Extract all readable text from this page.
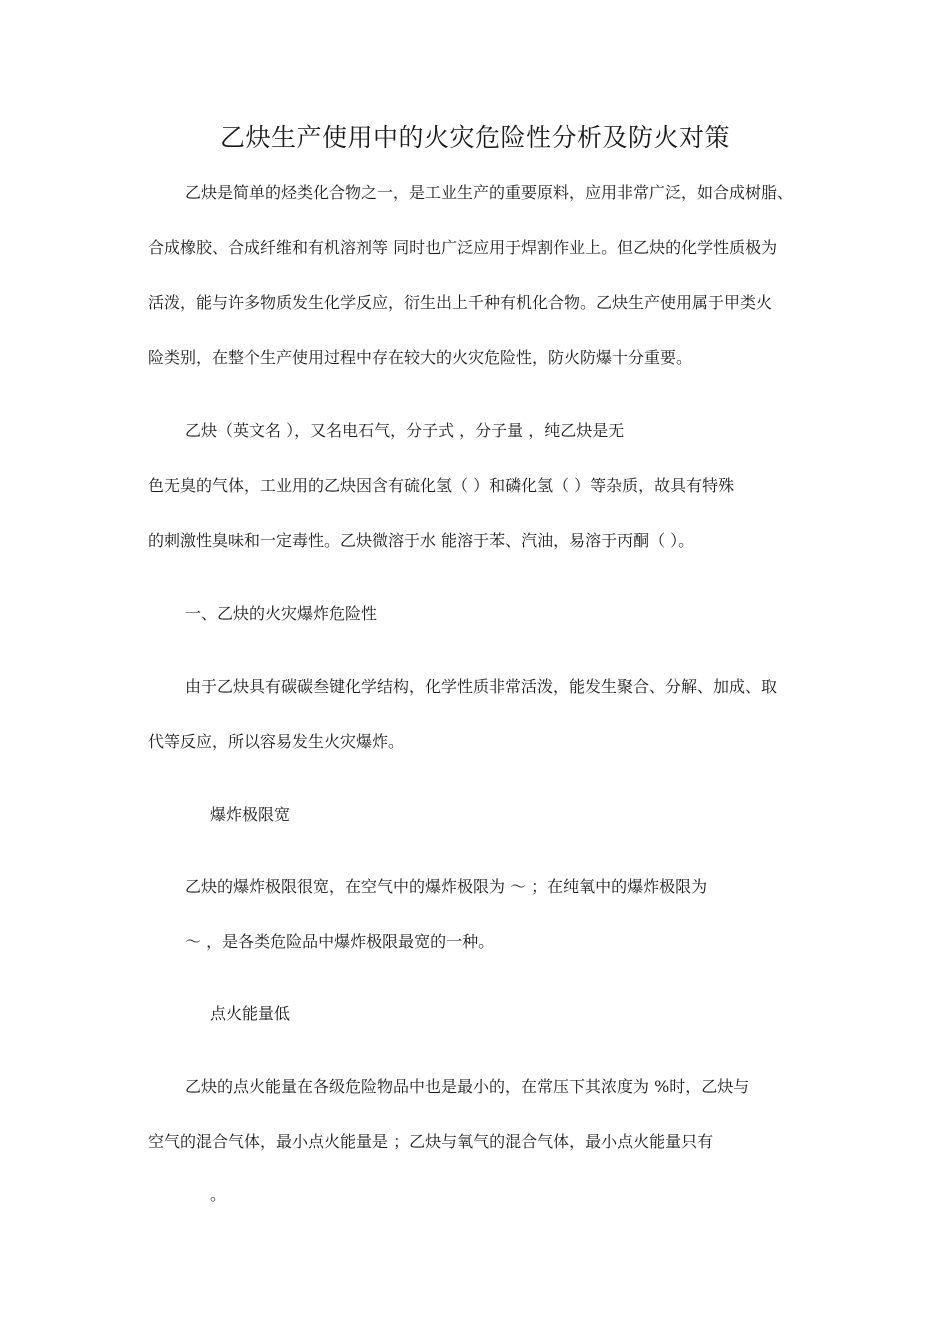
乙炔生产使用中的火灾危险性分析及防火对策
乙炔是简单的烃类化合物之一，是工业生产的重要原料，应用非常广泛，如合成树脂、
合成橡胶、合成纤维和有机溶剂等 同时也广泛应用于焊割作业上。但乙炔的化学性质极为
活泼，能与许多物质发生化学反应，衍生出上千种有机化合物。乙炔生产使用属于甲类火
险类别，在整个生产使用过程中存在较大的火灾危险性，防火防爆十分重要。
乙炔（英文名 ），又名电石气，分子式 ，分子量 ，纯乙炔是无
色无臭的气体，工业用的乙炔因含有硫化氢（ ）和磷化氢（ ）等杂质，故具有特殊
的刺激性臭味和一定毒性。乙炔微溶于水 能溶于苯、汽油，易溶于丙酮（ ）。
一、乙炔的火灾爆炸危险性
由于乙炔具有碳碳叁键化学结构，化学性质非常活泼，能发生聚合、分解、加成、取
代等反应，所以容易发生火灾爆炸。
爆炸极限宽
乙炔的爆炸极限很宽，在空气中的爆炸极限为 ～ ；在纯氧中的爆炸极限为
～ ，是各类危险品中爆炸极限最宽的一种。
点火能量低
乙炔的点火能量在各级危险物品中也是最小的，在常压下其浓度为 %时，乙炔与
空气的混合气体，最小点火能量是 ；乙炔与氧气的混合气体，最小点火能量只有
。
